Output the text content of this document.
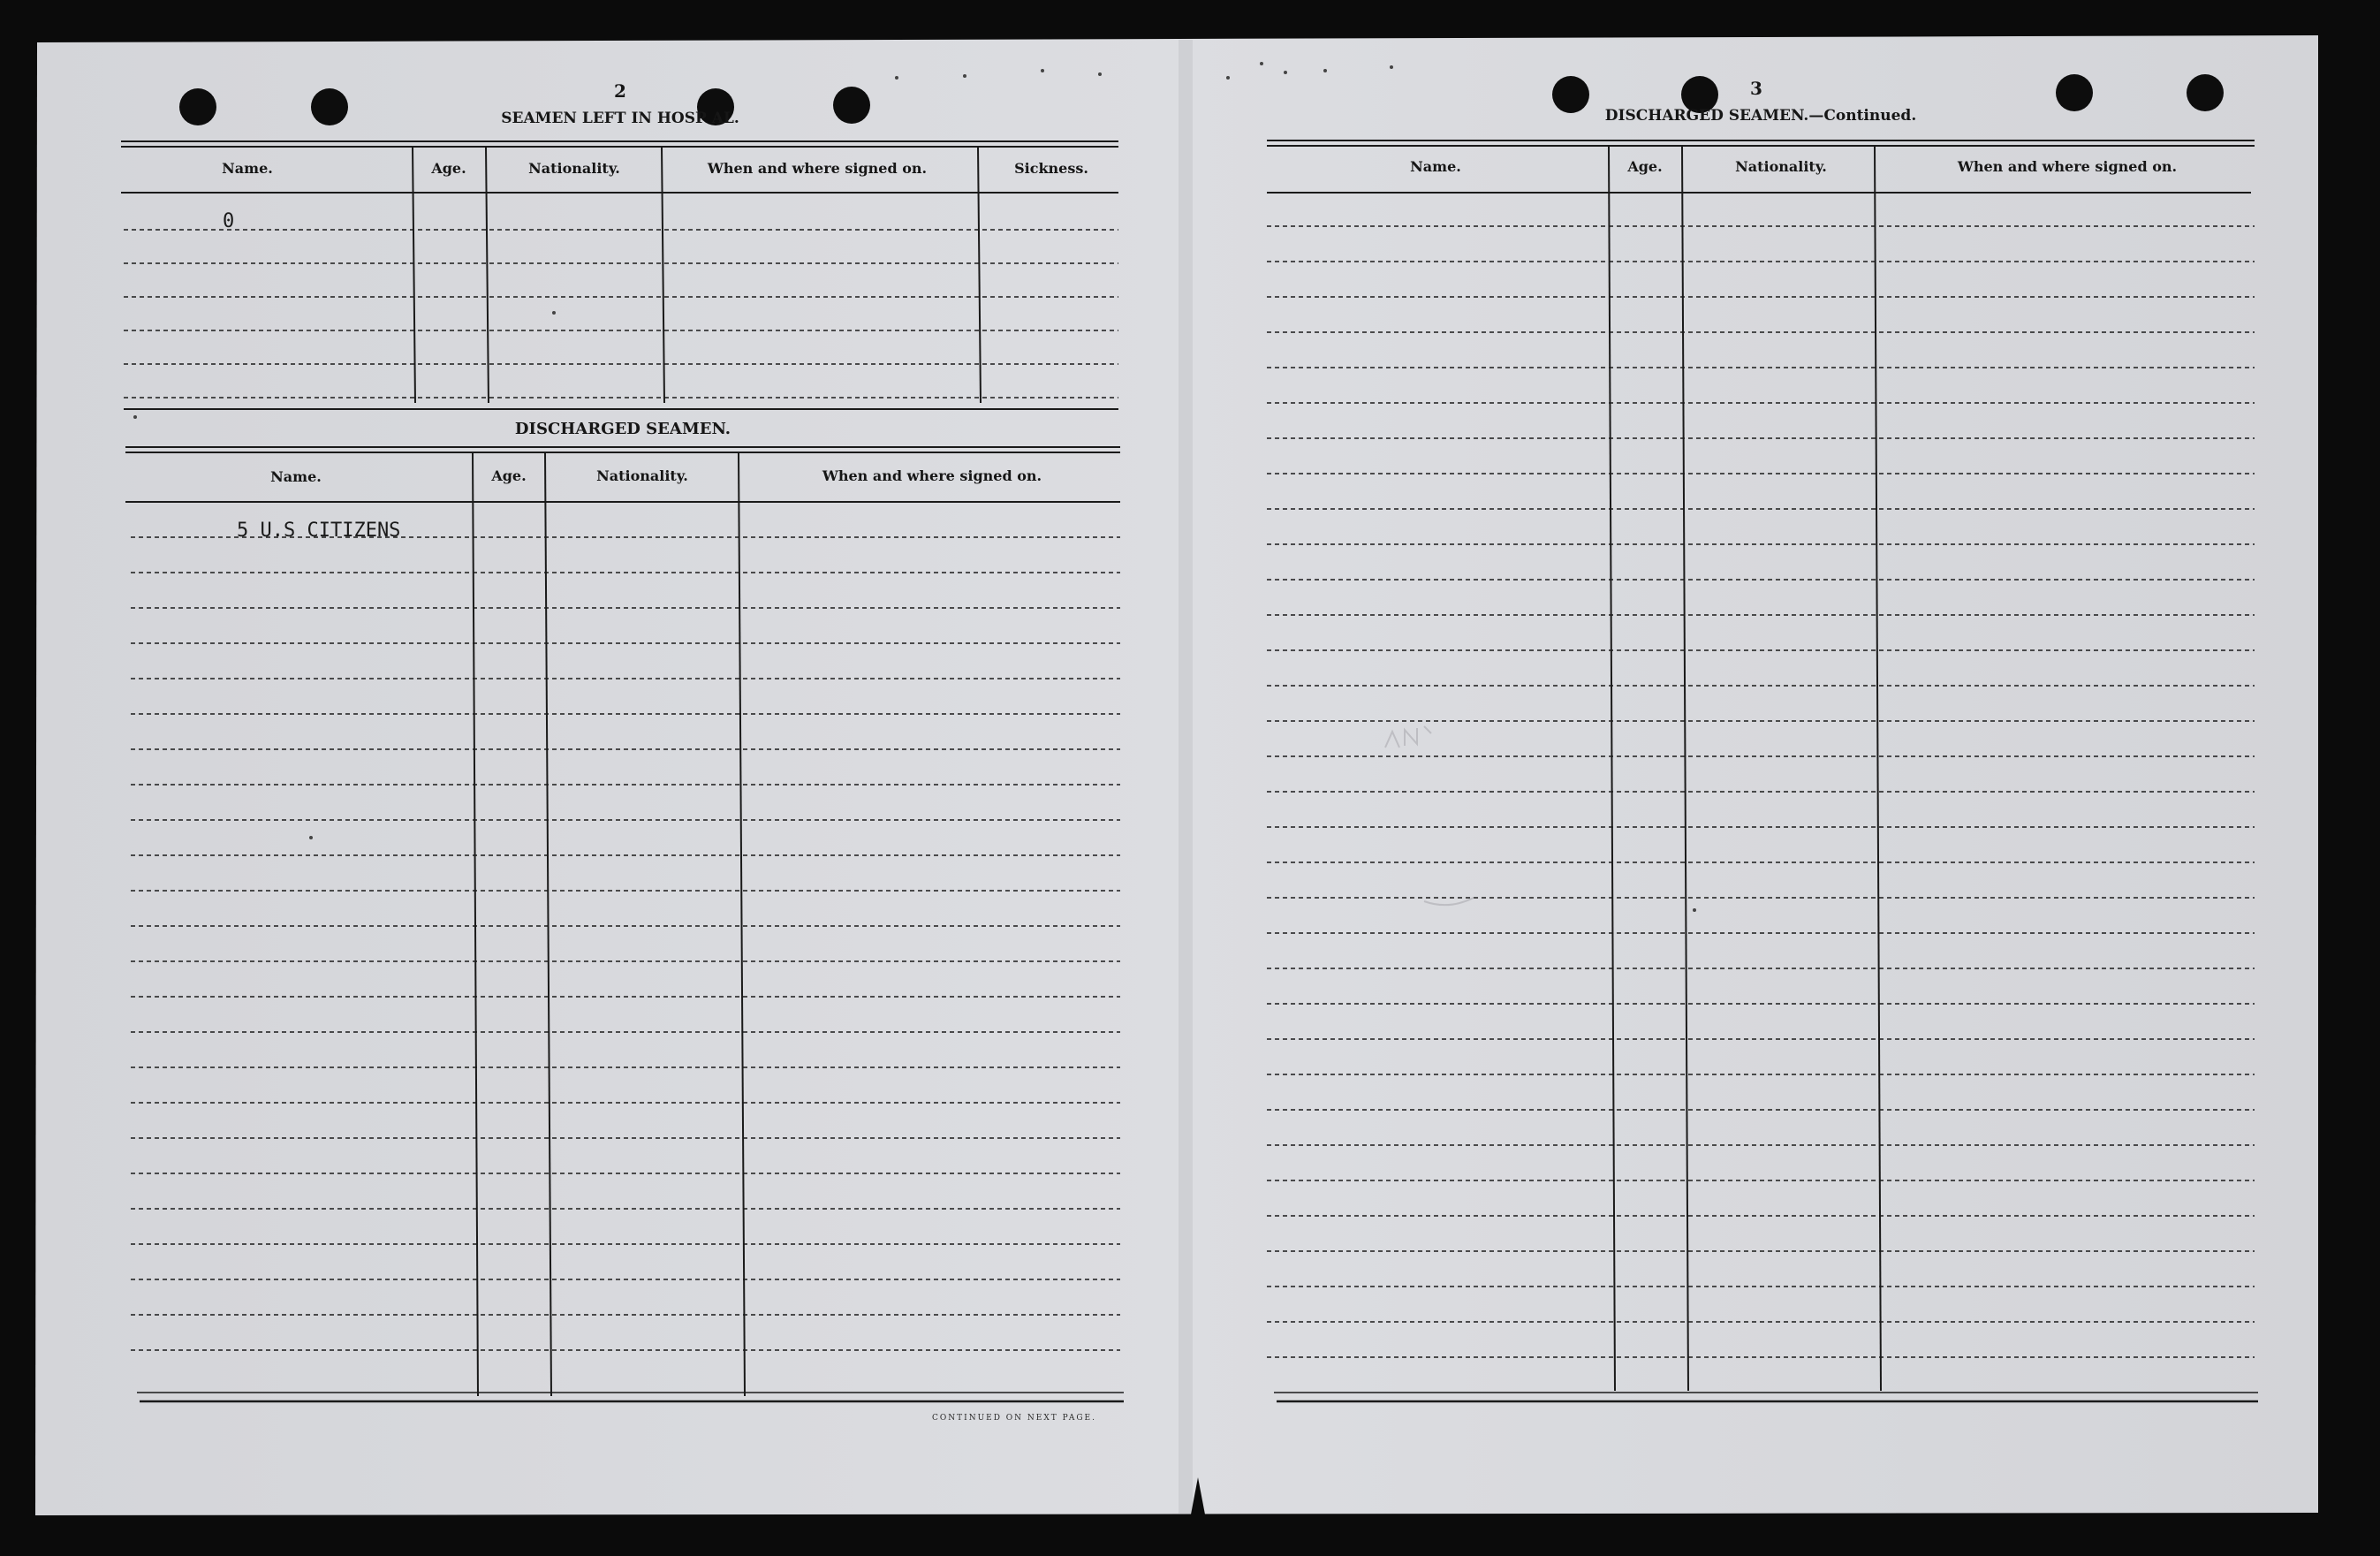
2
SEAMEN LEFT IN HOSP AL.
Name.	Age.	Nationality.	When and where signed on.	Sickness.
0
DISCHARGED SEAMEN.
Name.	Age.	Nationality.	When and where signed on.
5 U.S CITIZENS
CONTINUED ON NEXT PAGE.
3
DISCHARGED SEAMEN.—Continued.
Name.	Age.	Nationality.	When and where signed on.
